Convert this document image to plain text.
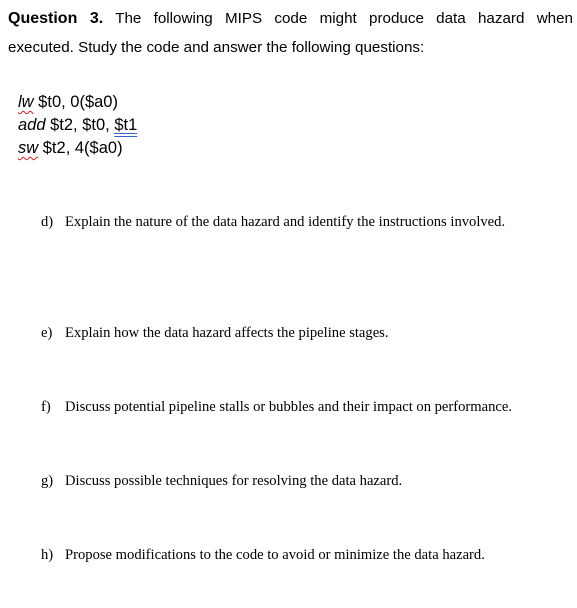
Question 3. The following MIPS code might produce data hazard when
executed. Study the code and answer the following questions:
lw $t0, 0($a0)
add $t2, $t0, $t1
sw $t2, 4($a0)
d) Explain the nature of the data hazard and identify the instructions involved.
e) Explain how the data hazard affects the pipeline stages.
f) Discuss potential pipeline stalls or bubbles and their impact on performance.
g) Discuss possible techniques for resolving the data hazard.
h) Propose modifications to the code to avoid or minimize the data hazard.
